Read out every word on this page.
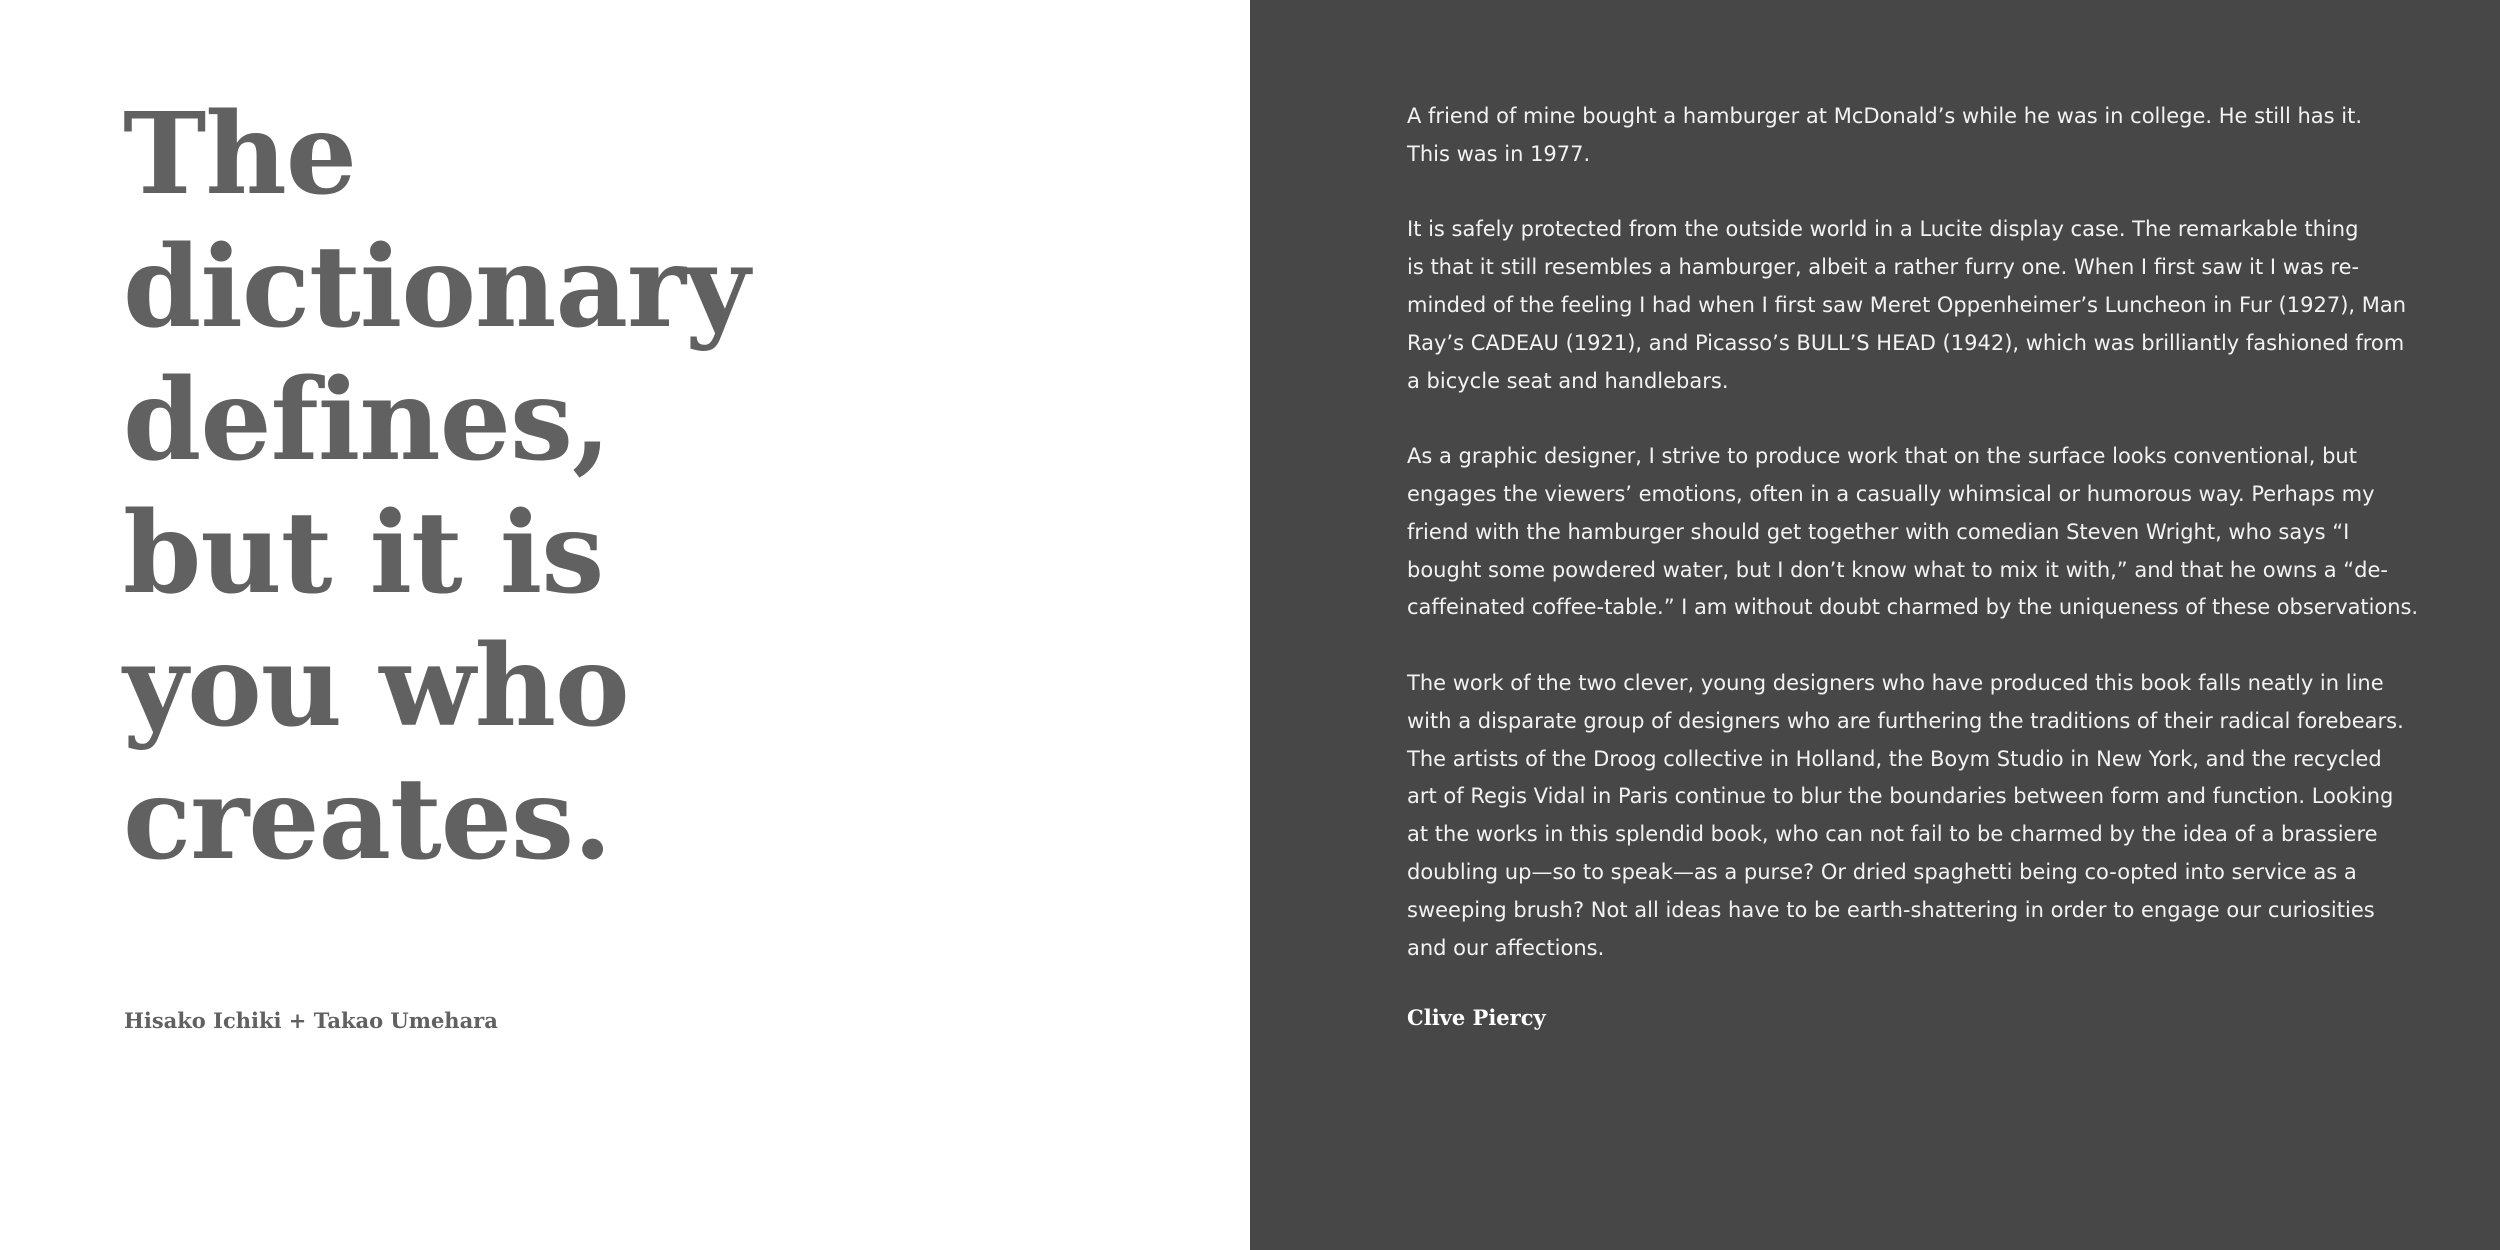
The
dictionary
defines,
but it is
you who
creates.

Hisako Ichiki + Takao Umehara

A friend of mine bought a hamburger at McDonald’s while he was in college. He still has it.
This was in 1977.

It is safely protected from the outside world in a Lucite display case. The remarkable thing
is that it still resembles a hamburger, albeit a rather furry one. When I first saw it I was re-
minded of the feeling I had when I first saw Meret Oppenheimer’s Luncheon in Fur (1927), Man
Ray’s CADEAU (1921), and Picasso’s BULL’S HEAD (1942), which was brilliantly fashioned from
a bicycle seat and handlebars.

As a graphic designer, I strive to produce work that on the surface looks conventional, but
engages the viewers’ emotions, often in a casually whimsical or humorous way. Perhaps my
friend with the hamburger should get together with comedian Steven Wright, who says “I
bought some powdered water, but I don’t know what to mix it with,” and that he owns a “de-
caffeinated coffee-table.” I am without doubt charmed by the uniqueness of these observations.

The work of the two clever, young designers who have produced this book falls neatly in line
with a disparate group of designers who are furthering the traditions of their radical forebears.
The artists of the Droog collective in Holland, the Boym Studio in New York, and the recycled
art of Regis Vidal in Paris continue to blur the boundaries between form and function. Looking
at the works in this splendid book, who can not fail to be charmed by the idea of a brassiere
doubling up—so to speak—as a purse? Or dried spaghetti being co-opted into service as a
sweeping brush? Not all ideas have to be earth-shattering in order to engage our curiosities
and our affections.

Clive Piercy
